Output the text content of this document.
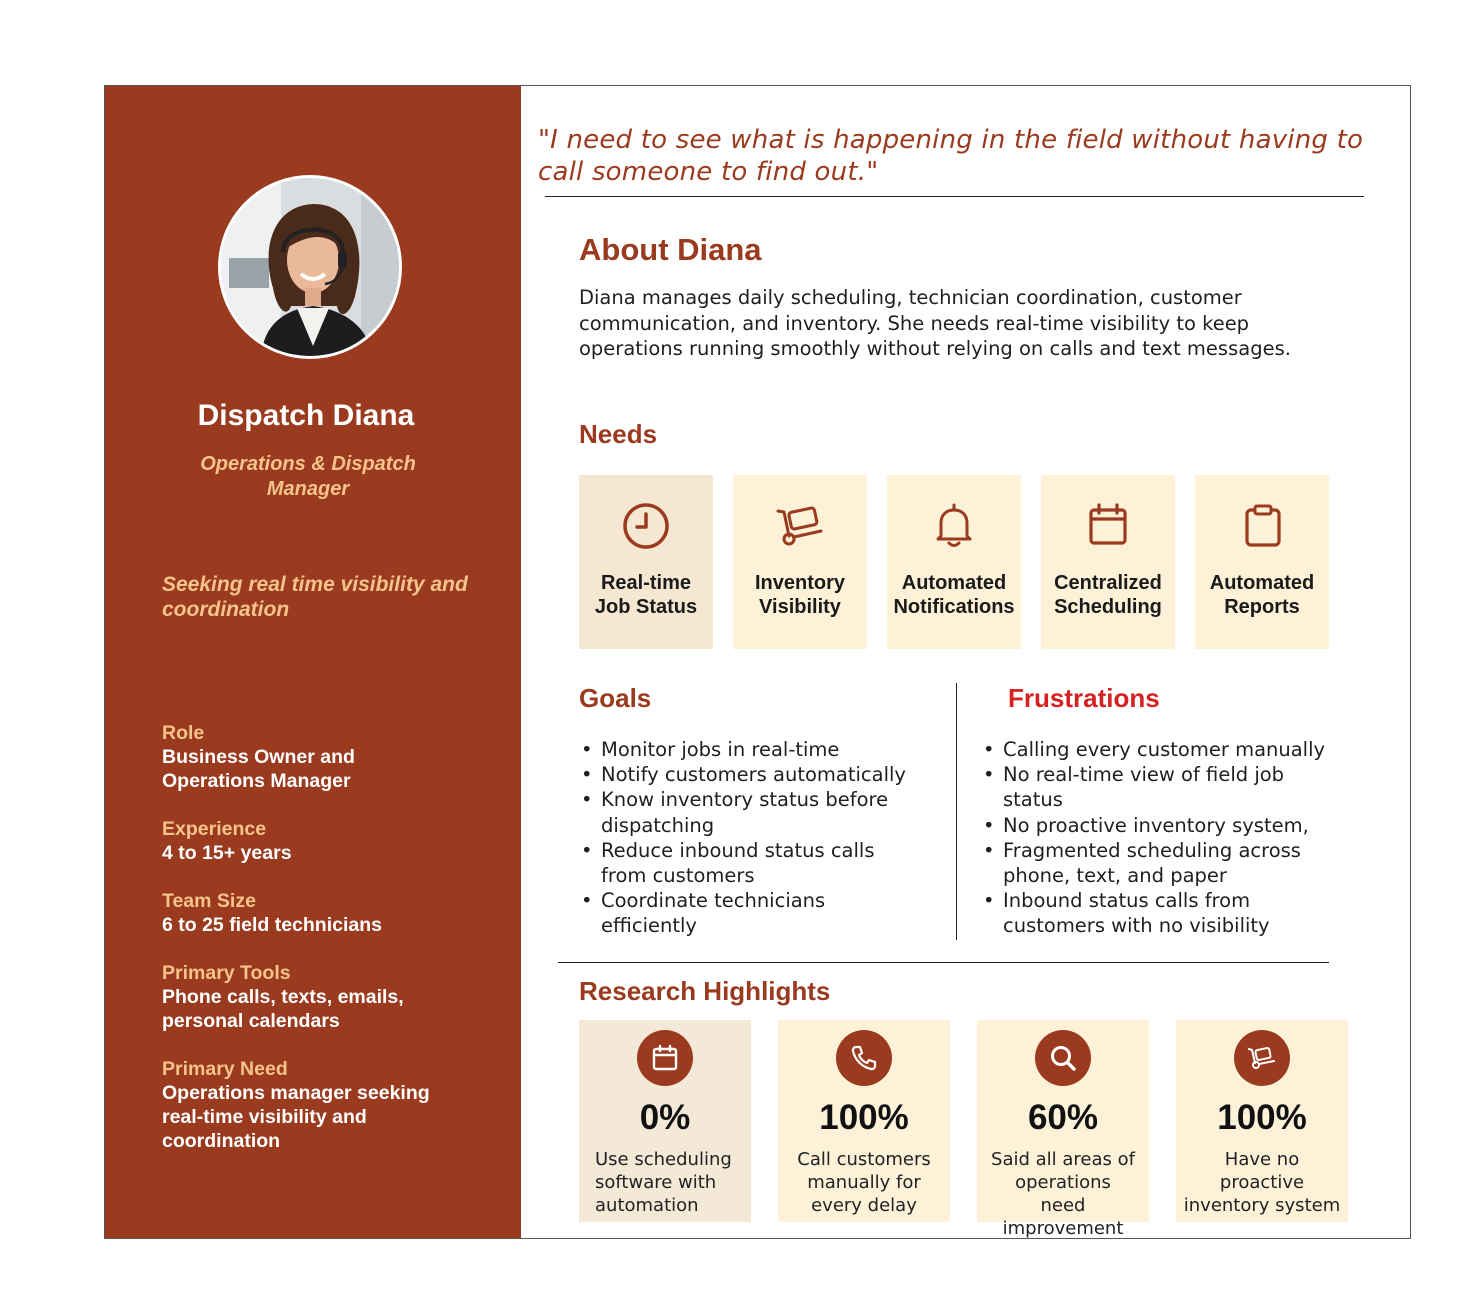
Dispatch Diana
Operations & Dispatch Manager
Seeking real time visibility and coordination
Role
Business Owner and Operations Manager
Experience
4 to 15+ years
Team Size
6 to 25 field technicians
Primary Tools
Phone calls, texts, emails, personal calendars
Primary Need
Operations manager seeking real-time visibility and coordination
"I need to see what is happening in the field without having to call someone to find out."
About Diana
Diana manages daily scheduling, technician coordination, customer communication, and inventory. She needs real-time visibility to keep operations running smoothly without relying on calls and text messages.
Needs
Real-time Job Status
Inventory Visibility
Automated Notifications
Centralized Scheduling
Automated Reports
Goals
• Monitor jobs in real-time
• Notify customers automatically
• Know inventory status before dispatching
• Reduce inbound status calls from customers
• Coordinate technicians efficiently
Frustrations
• Calling every customer manually
• No real-time view of field job status
• No proactive inventory system,
• Fragmented scheduling across phone, text, and paper
• Inbound status calls from customers with no visibility
Research Highlights
0%
Use scheduling software with automation
100%
Call customers manually for every delay
60%
Said all areas of operations need improvement
100%
Have no proactive inventory system
